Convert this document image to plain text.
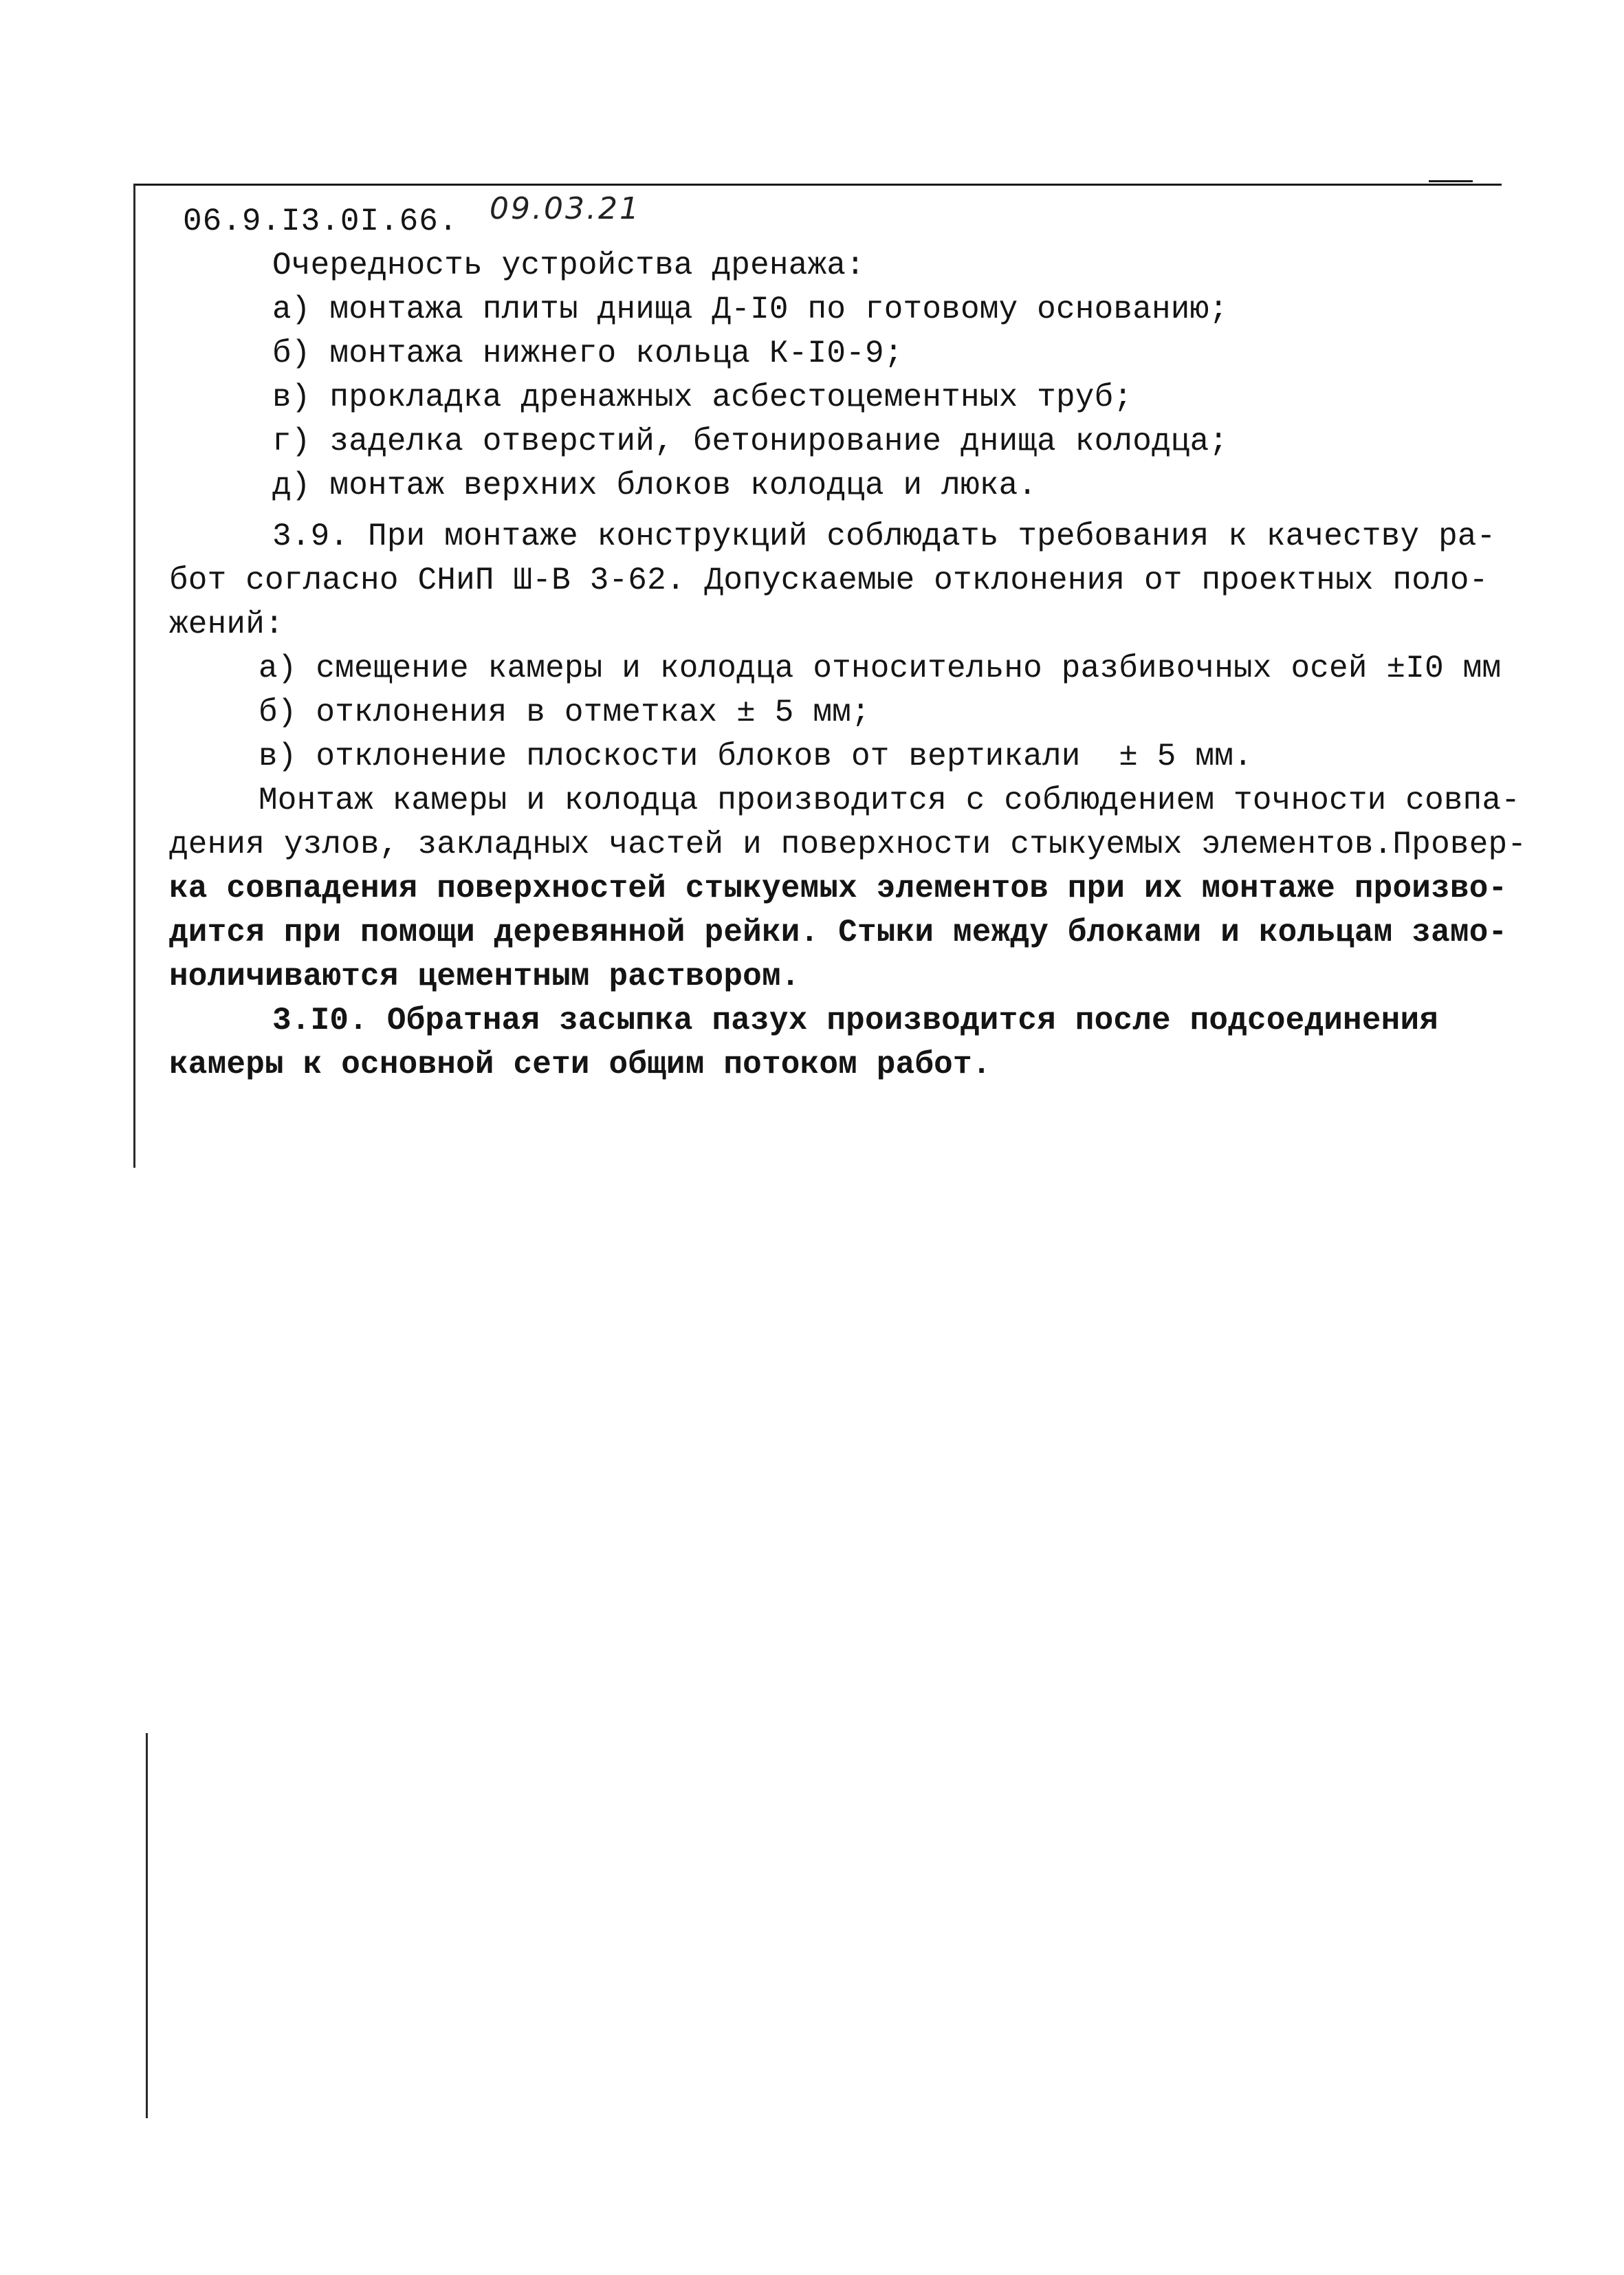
06.9.I3.0I.66. 09.03.21
Очередность устройства дренажа:
а) монтажа плиты днища Д-I0 по готовому основанию;
б) монтажа нижнего кольца К-I0-9;
в) прокладка дренажных асбестоцементных труб;
г) заделка отверстий, бетонирование днища колодца;
д) монтаж верхних блоков колодца и люка.
3.9. При монтаже конструкций соблюдать требования к качеству ра-
бот согласно СНиП Ш-В 3-62. Допускаемые отклонения от проектных поло-
жений:
а) смещение камеры и колодца относительно разбивочных осей ±I0 мм
б) отклонения в отметках ± 5 мм;
в) отклонение плоскости блоков от вертикали  ± 5 мм.
Монтаж камеры и колодца производится с соблюдением точности совпа-
дения узлов, закладных частей и поверхности стыкуемых элементов.Провер-
ка совпадения поверхностей стыкуемых элементов при их монтаже произво-
дится при помощи деревянной рейки. Стыки между блоками и кольцам замо-
ноличиваются цементным раствором.
3.I0. Обратная засыпка пазух производится после подсоединения
камеры к основной сети общим потоком работ.
